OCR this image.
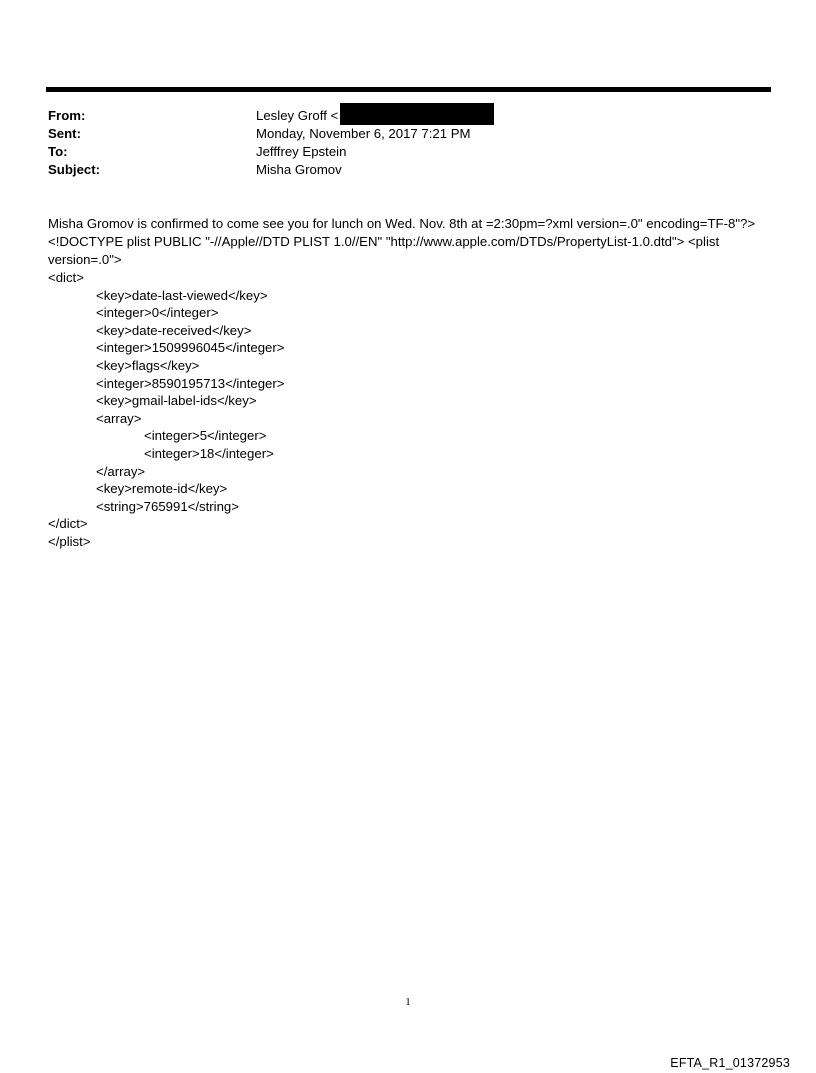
From:	Lesley Groff <
Sent:	Monday, November 6, 2017 7:21 PM
To:	Jefffrey Epstein
Subject:	Misha Gromov

Misha Gromov is confirmed to come see you for lunch on Wed. Nov. 8th at =2:30pm=?xml version=.0" encoding=TF-8"?> <!DOCTYPE plist PUBLIC "-//Apple//DTD PLIST 1.0//EN" "http://www.apple.com/DTDs/PropertyList-1.0.dtd"> <plist version=.0">

<dict>
<key>date-last-viewed</key>
<integer>0</integer>
<key>date-received</key>
<integer>1509996045</integer>
<key>flags</key>
<integer>8590195713</integer>
<key>gmail-label-ids</key>
<array>
<integer>5</integer>
<integer>18</integer>
</array>
<key>remote-id</key>
<string>765991</string>
</dict>
</plist>
1
EFTA_R1_01372953
